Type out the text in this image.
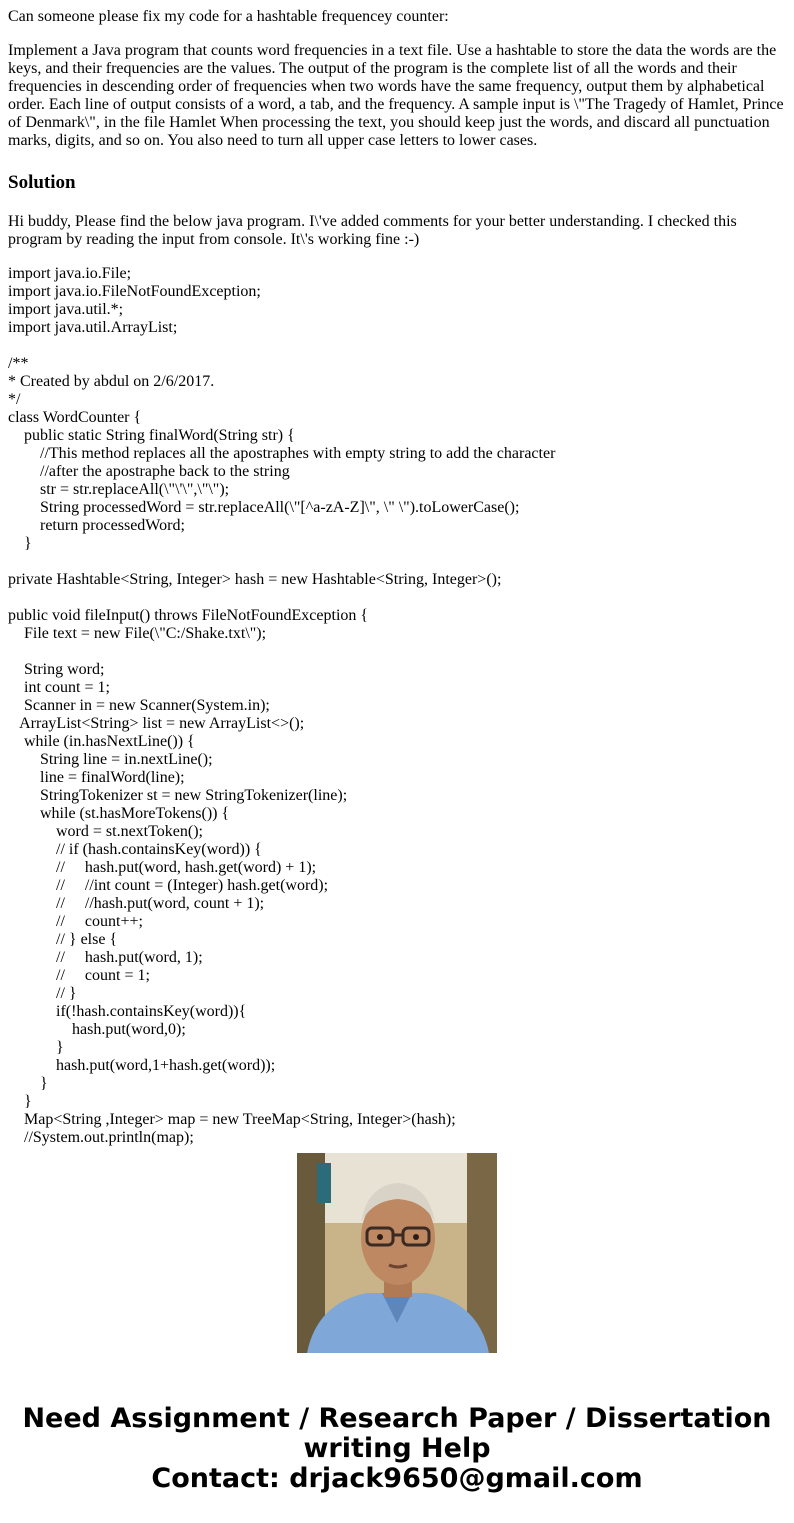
Can someone please fix my code for a hashtable frequencey counter:

Implement a Java program that counts word frequencies in a text file. Use a hashtable to store the data the words are the keys, and their frequencies are the values. The output of the program is the complete list of all the words and their frequencies in descending order of frequencies when two words have the same frequency, output them by alphabetical order. Each line of output consists of a word, a tab, and the frequency. A sample input is \"The Tragedy of Hamlet, Prince of Denmark\", in the file Hamlet When processing the text, you should keep just the words, and discard all punctuation marks, digits, and so on. You also need to turn all upper case letters to lower cases.

Solution

Hi buddy, Please find the below java program. I\'ve added comments for your better understanding. I checked this program by reading the input from console. It\'s working fine :-)

import java.io.File;
import java.io.FileNotFoundException;
import java.util.*;
import java.util.ArrayList;
/**
* Created by abdul on 2/6/2017.
*/
class WordCounter {
public static String finalWord(String str) {
//This method replaces all the apostraphes with empty string to add the character
//after the apostraphe back to the string
str = str.replaceAll(\"\'\",\"\");
String processedWord = str.replaceAll(\"[^a-zA-Z]\", \" \").toLowerCase();
return processedWord;
}
private Hashtable<String, Integer> hash = new Hashtable<String, Integer>();
public void fileInput() throws FileNotFoundException {
File text = new File(\"C:/Shake.txt\");
String word;
int count = 1;
Scanner in = new Scanner(System.in);
ArrayList<String> list = new ArrayList<>();
while (in.hasNextLine()) {
String line = in.nextLine();
line = finalWord(line);
StringTokenizer st = new StringTokenizer(line);
while (st.hasMoreTokens()) {
word = st.nextToken();
// if (hash.containsKey(word)) {
//     hash.put(word, hash.get(word) + 1);
//     //int count = (Integer) hash.get(word);
//     //hash.put(word, count + 1);
//     count++;
// } else {
//     hash.put(word, 1);
//     count = 1;
// }
if(!hash.containsKey(word)){
hash.put(word,0);
}
hash.put(word,1+hash.get(word));
}
}
Map<String ,Integer> map = new TreeMap<String, Integer>(hash);
//System.out.println(map);
Need Assignment / Research Paper / Dissertation
writing Help
Contact: drjack9650@gmail.com
